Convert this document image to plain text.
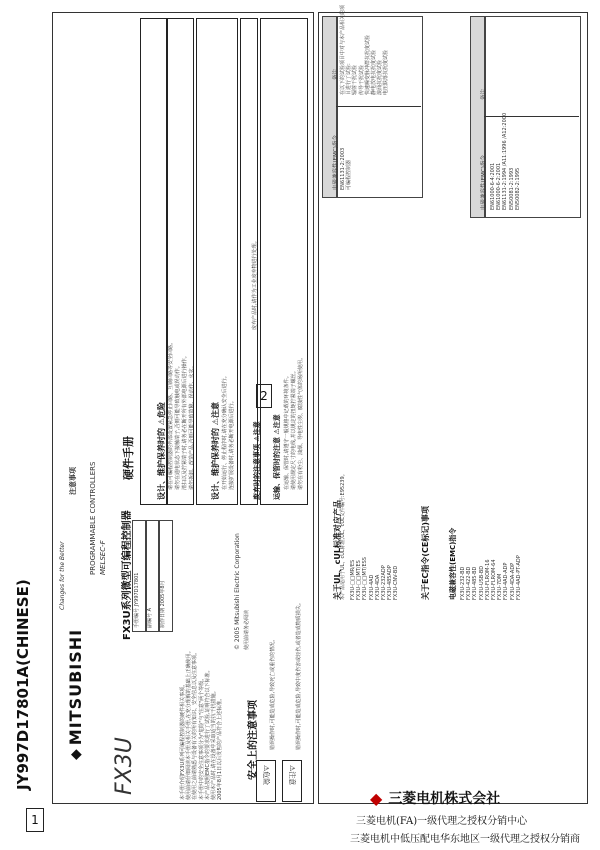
JY997D17801A(CHINESE)
1
2
◆
MITSUBISHI
PROGRAMMABLE CONTROLLERS MELSEC-F
Changes for the Better	FX3U系列微型可编程控制器
硬件手册
FX3U
手册编号 JY997D17801
副编号 A 制作日期 2005年8月	© 2005 Mitsubishi Electric Corporation
安全上的注意事项
使用前请务必阅读
本手册介绍FX3U系列可编程控制器的硬件相关事项。 使用前请仔细阅读本手册及相关手册,在充分理解的基础上正确使用。 在使用之前请熟悉与设备有关的所有知识、安全信息以及注意事项。 本手册中的安全注意事项分为"危险"与"注意"两个等级。 本产品按照EMC指令的要求进行了试验,证明符合以下标准。 使用本产品时,请在设备中采取适当的抗干扰措施。 2005年8月1日以后发售的产品符合上述标准。	⚠危险
⚠注意
错误操作时,可能造成危险,导致死亡或重伤的情况。	错误操作时,可能造成危险,导致中度伤害或轻伤,或者造成物质损失。
设计、维护保养时的 ⚠危险 请在可编程控制器的外部设置紧急停止回路、互锁回路等安全回路。 请勿在通电状态下接触端子,否则可能导致触电或误动作。 清扫以及拧紧端子时,请务必在断开所有外部电源后进行操作。 请勿拆卸、改造产品,否则可能导致故障、误动作、火灾。 设计、维护保养时的 ⚠注意 在开始运行、停止程序时,请在充分确认安全后进行。 连接扩展设备时,请务必断开电源后进行。	废弃时的注意事项 ⚠注意
废弃产品时,请作为工业废弃物进行处理。
运输、保管时的注意 ⚠注意 在运输、保管时,请遵守一般规格中记载的环境条件。 请使用规定尺寸的电线,并以规定的扭矩拧紧端子螺丝。 请勿在有粉尘、油烟、导电性尘埃、腐蚀性气体的场所使用。
注意事项
关于UL、cUL标准对应产品
本产品适用于UL、cUL标准,UL、cUL文件编号:E95239。 FX3U-□□MR/ES FX3U-□□MT/ES FX3U-□□MT/ESS FX3U-4AD FX3U-4DA FX3U-232ADP FX3U-485ADP FX3U-CNV-BD	关于EC指令(CE标记)事项	电磁兼容性(EMC)指令 FX3U-232-BD FX3U-422-BD FX3U-485-BD FX3U-USB-BD FX3U-FLROM-16 FX3U-FLROM-64 FX3U-7DM FX3U-4AD-ADP FX3U-4DA-ADP FX3U-4AD-PT-ADP
电磁兼容性(EMC)指令
备注
EN61131-2:2003 可编程控制器
在以下的试验项目中对与本产品相关的项目进行了试验: 辐射干扰试验 传导干扰试验 快速瞬变脉冲群抗扰度试验 静电放电抗扰度试验 浪涌抗扰度试验 电压跌落抗扰度试验
电磁兼容性(EMC)指令
备注
EN61000-6-4:2001 EN61000-6-2:2001 EN61131-2:1994 /A11:1996 /A12:2000 EN50081-2:1993 EN50082-2:1995
◆ 三菱电机株式会社
三菱电机(FA)一级代理之授权分销中心
三菱电机中低压配电华东地区一级代理之授权分销商
